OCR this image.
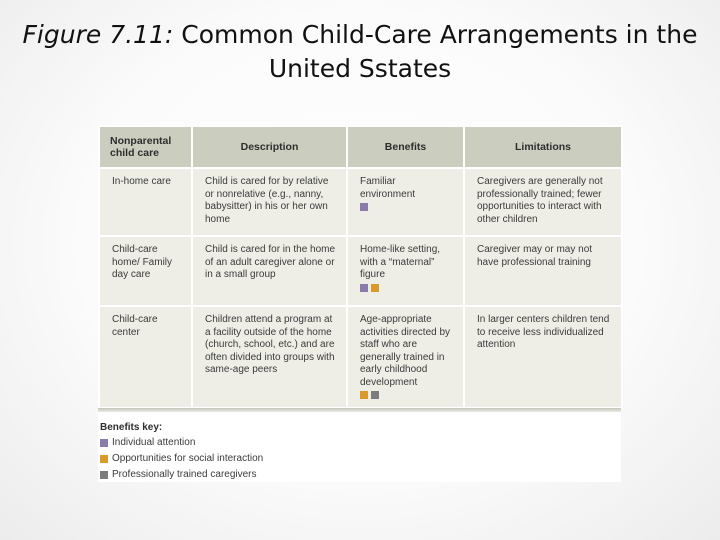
Figure 7.11: Common Child-Care Arrangements in the United Sstates
Nonparental child care	Description	Benefits	Limitations

In-home care	Child is cared for by relative or nonrelative (e.g., nanny, babysitter) in his or her own home	Familiar environment	Caregivers are generally not professionally trained; fewer opportunities to interact with other children

Child-care home/ Family day care	Child is cared for in the home of an adult caregiver alone or in a small group	Home-like setting, with a “maternal” figure	Caregiver may or may not have professional training

Child-care center	Children attend a program at a facility outside of the home (church, school, etc.) and are often divided into groups with same-age peers	Age-appropriate activities directed by staff who are generally trained in early childhood development	In larger centers children tend to receive less individualized attention
Benefits key:
Individual attention
Opportunities for social interaction
Professionally trained caregivers
